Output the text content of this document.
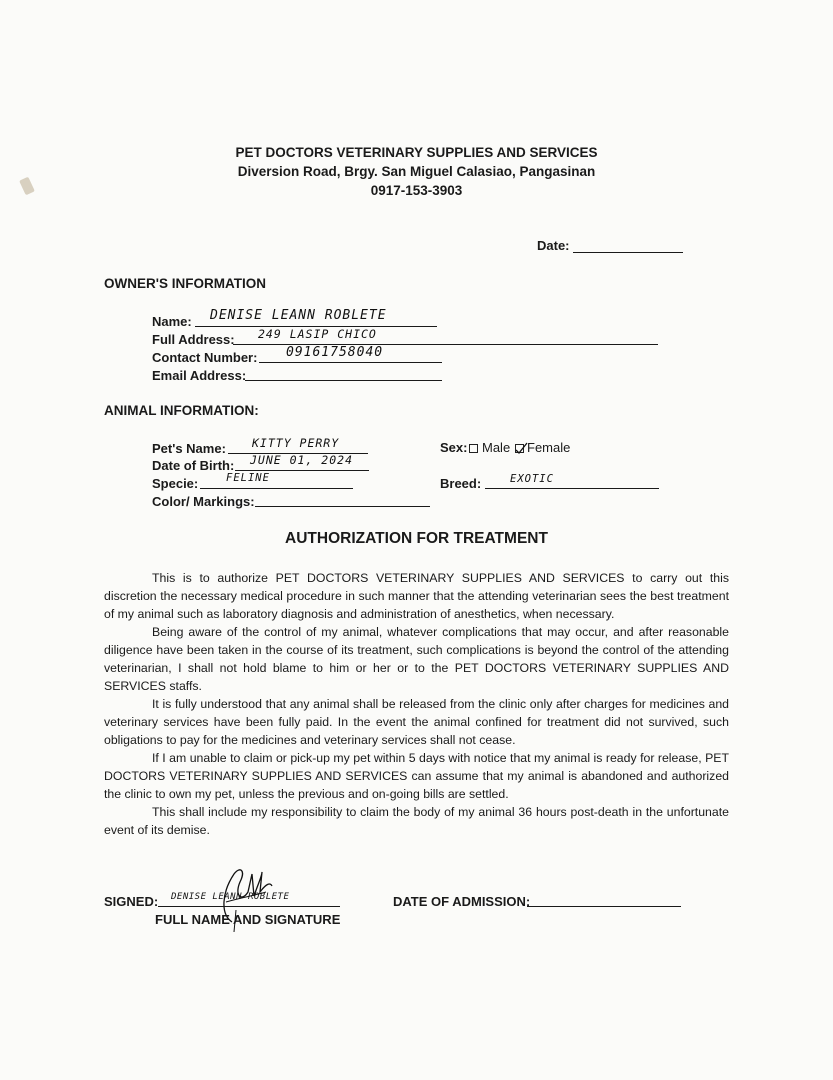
PET DOCTORS VETERINARY SUPPLIES AND SERVICES
Diversion Road, Brgy. San Miguel Calasiao, Pangasinan
0917-153-3903
Date:
OWNER'S INFORMATION
Name: DENISE LEANN ROBLETE
Full Address: 249 LASIP CHICO
Contact Number: 09161758040
Email Address:
ANIMAL INFORMATION:
Pet's Name: KITTY PERRY
Date of Birth: JUNE 01, 2024
Specie:	FELINE
Color/ Markings:
Sex: Male Female
Breed:	EXOTIC
AUTHORIZATION FOR TREATMENT

This is to authorize PET DOCTORS VETERINARY SUPPLIES AND SERVICES to carry out this discretion the necessary medical procedure in such manner that the attending veterinarian sees the best treatment of my animal such as laboratory diagnosis and administration of anesthetics, when necessary.

Being aware of the control of my animal, whatever complications that may occur, and after reasonable diligence have been taken in the course of its treatment, such complications is beyond the control of the attending veterinarian, I shall not hold blame to him or her or to the PET DOCTORS VETERINARY SUPPLIES AND SERVICES staffs.

It is fully understood that any animal shall be released from the clinic only after charges for medicines and veterinary services have been fully paid. In the event the animal confined for treatment did not survived, such obligations to pay for the medicines and veterinary services shall not cease.

If I am unable to claim or pick-up my pet within 5 days with notice that my animal is ready for release, PET DOCTORS VETERINARY SUPPLIES AND SERVICES can assume that my animal is abandoned and authorized the clinic to own my pet, unless the previous and on-going bills are settled.

This shall include my responsibility to claim the body of my animal 36 hours post-death in the unfortunate event of its demise.

SIGNED: DENISE LEANN ROBLETE
FULL NAME AND SIGNATURE
DATE OF ADMISSION:
